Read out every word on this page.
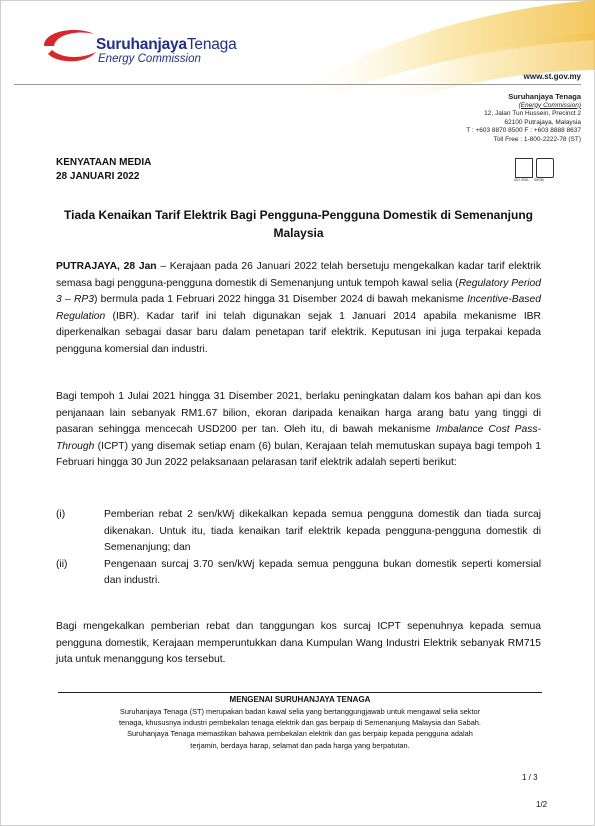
SuruhanjayaTenaga
Energy Commission
www.st.gov.my
Suruhanjaya Tenaga
(Energy Commission)
12, Jalan Tun Hussein, Precinct 2
62100 Putrajaya, Malaysia
T : +603 8870 8500 F : +603 8888 8637
Toll Free : 1-800-2222-78 (ST)
ISO 9001 SIRIM
KENYATAAN MEDIA
28 JANUARI 2022
Tiada Kenaikan Tarif Elektrik Bagi Pengguna-Pengguna Domestik di Semenanjung Malaysia

PUTRAJAYA, 28 Jan – Kerajaan pada 26 Januari 2022 telah bersetuju mengekalkan kadar tarif elektrik semasa bagi pengguna-pengguna domestik di Semenanjung untuk tempoh kawal selia (Regulatory Period 3 – RP3) bermula pada 1 Februari 2022 hingga 31 Disember 2024 di bawah mekanisme Incentive-Based Regulation (IBR). Kadar tarif ini telah digunakan sejak 1 Januari 2014 apabila mekanisme IBR diperkenalkan sebagai dasar baru dalam penetapan tarif elektrik. Keputusan ini juga terpakai kepada pengguna komersial dan industri.

Bagi tempoh 1 Julai 2021 hingga 31 Disember 2021, berlaku peningkatan dalam kos bahan api dan kos penjanaan lain sebanyak RM1.67 bilion, ekoran daripada kenaikan harga arang batu yang tinggi di pasaran sehingga mencecah USD200 per tan. Oleh itu, di bawah mekanisme Imbalance Cost Pass-Through (ICPT) yang disemak setiap enam (6) bulan, Kerajaan telah memutuskan supaya bagi tempoh 1 Februari hingga 30 Jun 2022 pelaksanaan pelarasan tarif elektrik adalah seperti berikut:

(i)	Pemberian rebat 2 sen/kWj dikekalkan kepada semua pengguna domestik dan tiada surcaj dikenakan. Untuk itu, tiada kenaikan tarif elektrik kepada pengguna-pengguna domestik di Semenanjung; dan
(ii)	Pengenaan surcaj 3.70 sen/kWj kepada semua pengguna bukan domestik seperti komersial dan industri.

Bagi mengekalkan pemberian rebat dan tanggungan kos surcaj ICPT sepenuhnya kepada semua pengguna domestik, Kerajaan memperuntukkan dana Kumpulan Wang Industri Elektrik sebanyak RM715 juta untuk menanggung kos tersebut.

MENGENAI SURUHANJAYA TENAGA

Suruhanjaya Tenaga (ST) merupakan badan kawal selia yang bertanggungjawab untuk mengawal selia sektor
tenaga, khususnya industri pembekalan tenaga elektrik dan gas berpaip di Semenanjung Malaysia dan Sabah.
Suruhanjaya Tenaga memastikan bahawa pembekalan elektrik dan gas berpaip kepada pengguna adalah
terjamin, berdaya harap, selamat dan pada harga yang berpatutan.

1 / 3
1/2
